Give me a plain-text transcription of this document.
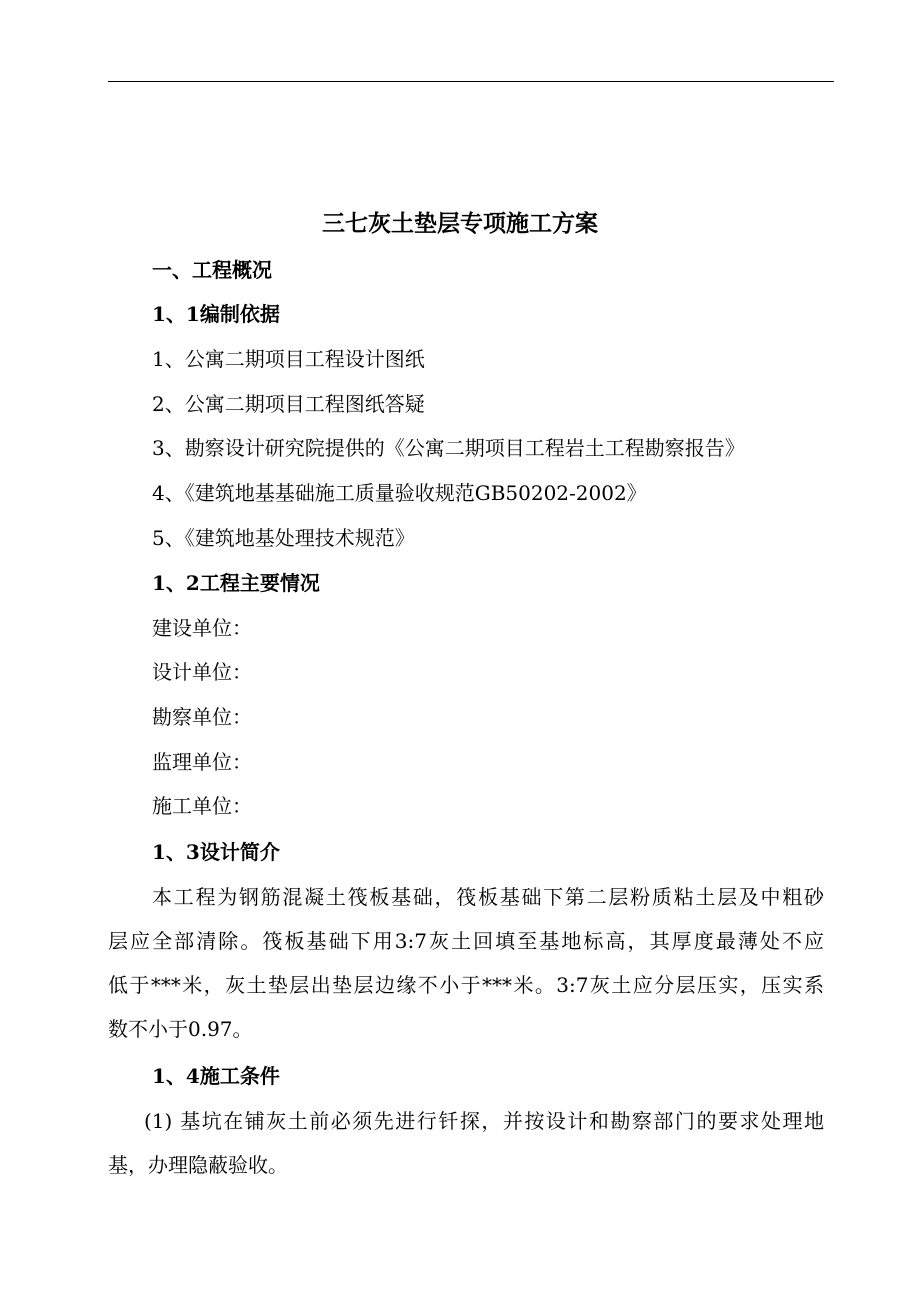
三七灰土垫层专项施工方案
一、工程概况
1、1编制依据
1、公寓二期项目工程设计图纸
2、公寓二期项目工程图纸答疑
3、勘察设计研究院提供的《公寓二期项目工程岩土工程勘察报告》
4、《建筑地基基础施工质量验收规范GB50202-2002》
5、《建筑地基处理技术规范》
1、2工程主要情况
建设单位：
设计单位：
勘察单位：
监理单位：
施工单位：
1、3设计简介
本工程为钢筋混凝土筏板基础，筏板基础下第二层粉质粘土层及中粗砂
层应全部清除。筏板基础下用3:7灰土回填至基地标高，其厚度最薄处不应
低于***米，灰土垫层出垫层边缘不小于***米。3:7灰土应分层压实，压实系
数不小于0.97。
1、4施工条件
(1) 基坑在铺灰土前必须先进行钎探，并按设计和勘察部门的要求处理地
基，办理隐蔽验收。
